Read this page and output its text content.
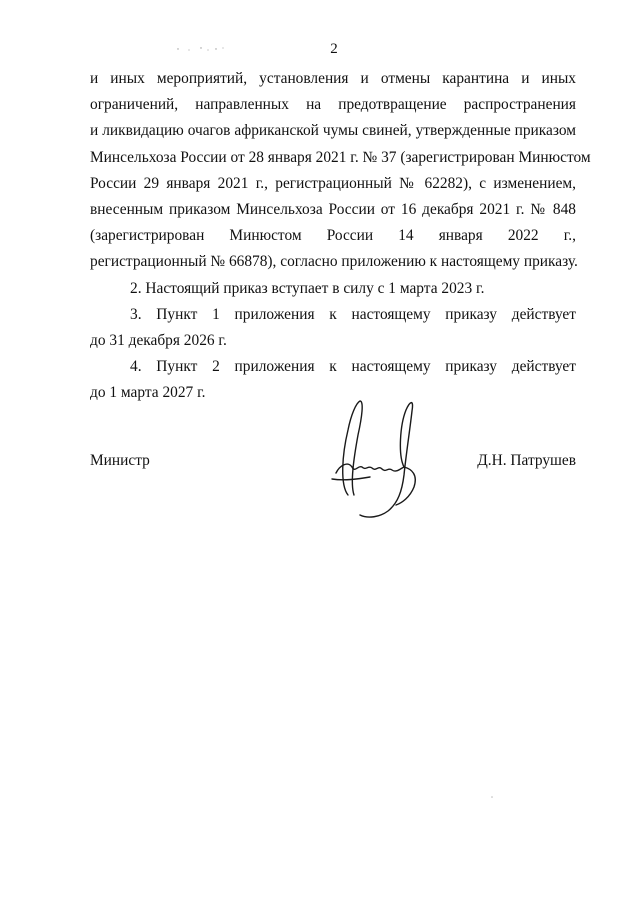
2
и иных мероприятий, установления и отмены карантина и иных
ограничений, направленных на предотвращение распространения
и ликвидацию очагов африканской чумы свиней, утвержденные приказом
Минсельхоза России от 28 января 2021 г. № 37 (зарегистрирован Минюстом
России 29 января 2021 г., регистрационный № 62282), с изменением,
внесенным приказом Минсельхоза России от 16 декабря 2021 г. № 848
(зарегистрирован Минюстом России 14 января 2022 г.,
регистрационный № 66878), согласно приложению к настоящему приказу.
2. Настоящий приказ вступает в силу с 1 марта 2023 г.
3. Пункт 1 приложения к настоящему приказу действует
до 31 декабря 2026 г.
4. Пункт 2 приложения к настоящему приказу действует
до 1 марта 2027 г.
Министр	Д.Н. Патрушев
